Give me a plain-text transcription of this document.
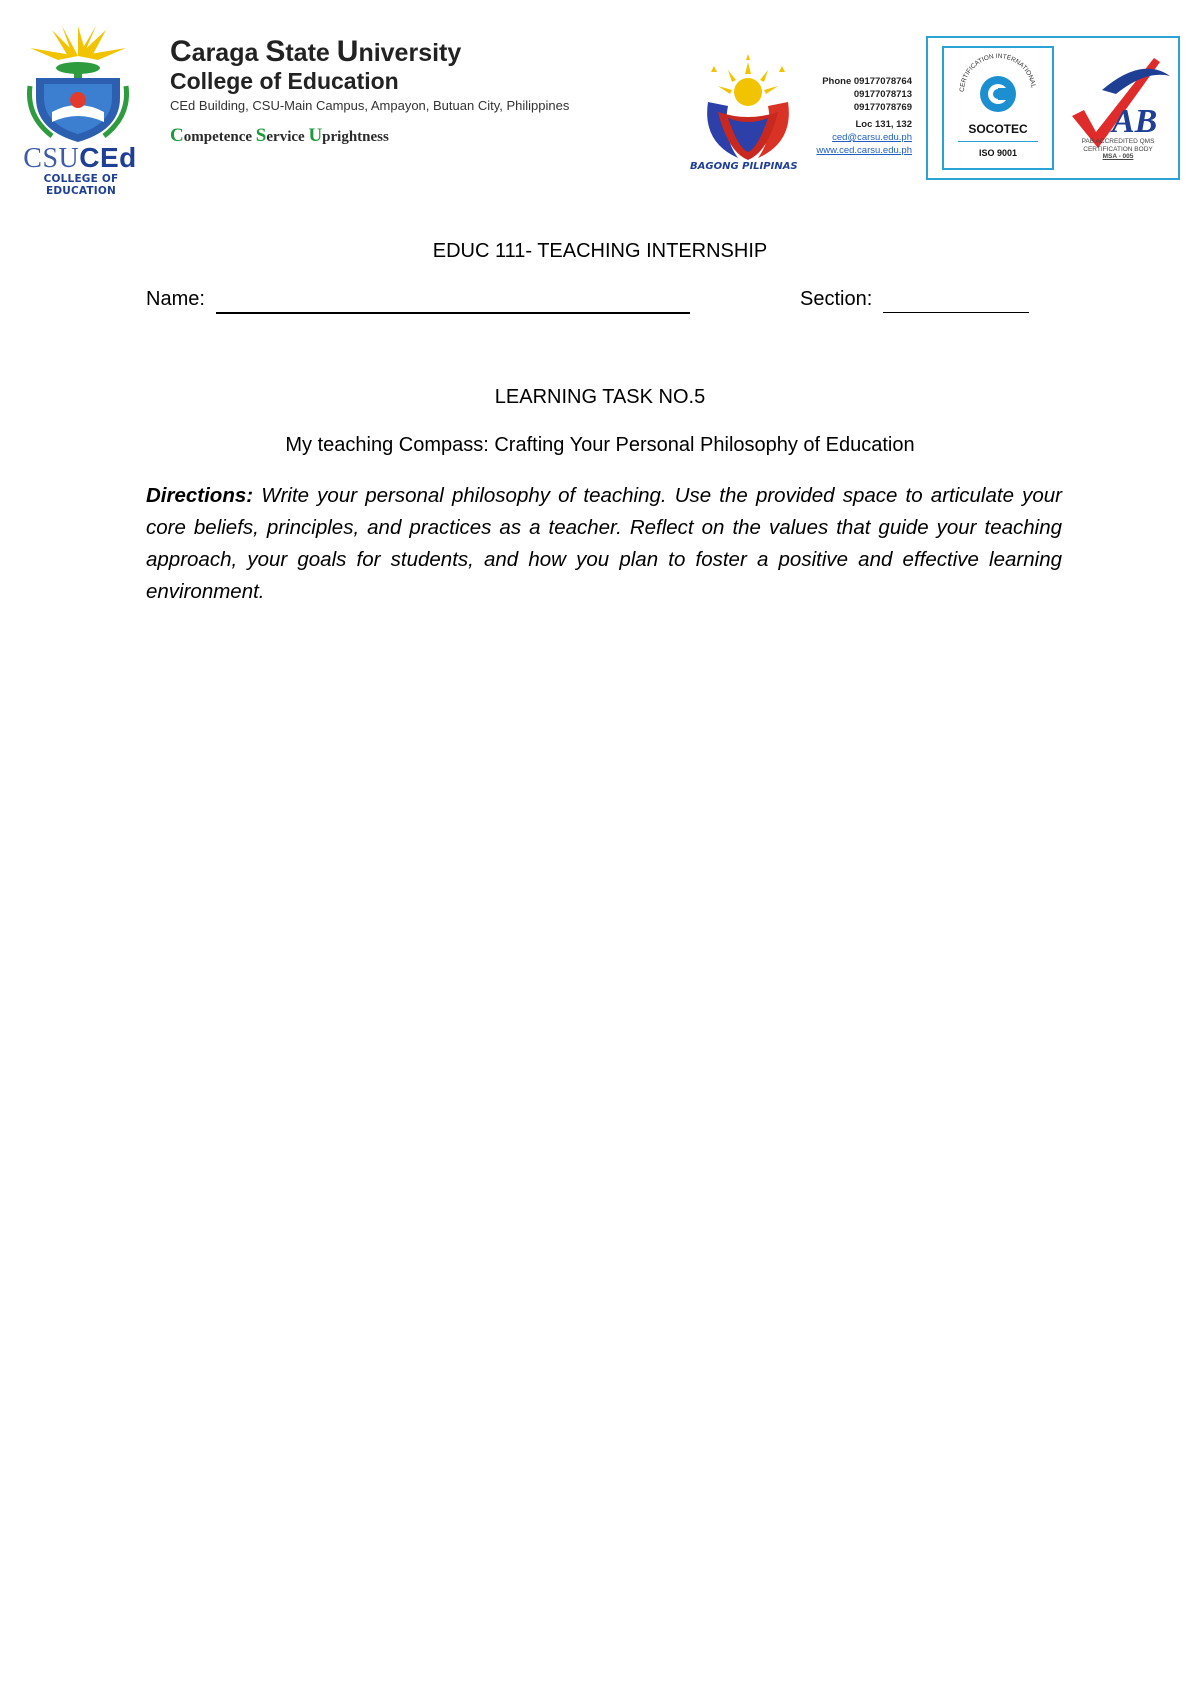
CSUCEd
COLLEGE OF EDUCATION
Caraga State University
College of Education
CEd Building, CSU-Main Campus, Ampayon, Butuan City, Philippines
Competence Service Uprightness
BAGONG PILIPINAS
Phone 09177078764
09177078713
09177078769
Loc 131, 132
ced@carsu.edu.ph
www.ced.carsu.edu.ph
CERTIFICATION INTERNATIONAL
SOCOTEC
ISO 9001
AB
PAB ACCREDITED QMS
CERTIFICATION BODY
MSA - 005
EDUC 111- TEACHING INTERNSHIP
Name:	Section:
LEARNING TASK NO.5
My teaching Compass: Crafting Your Personal Philosophy of Education
Directions: Write your personal philosophy of teaching. Use the provided space to articulate your core beliefs, principles, and practices as a teacher. Reflect on the values that guide your teaching approach, your goals for students, and how you plan to foster a positive and effective learning environment.
